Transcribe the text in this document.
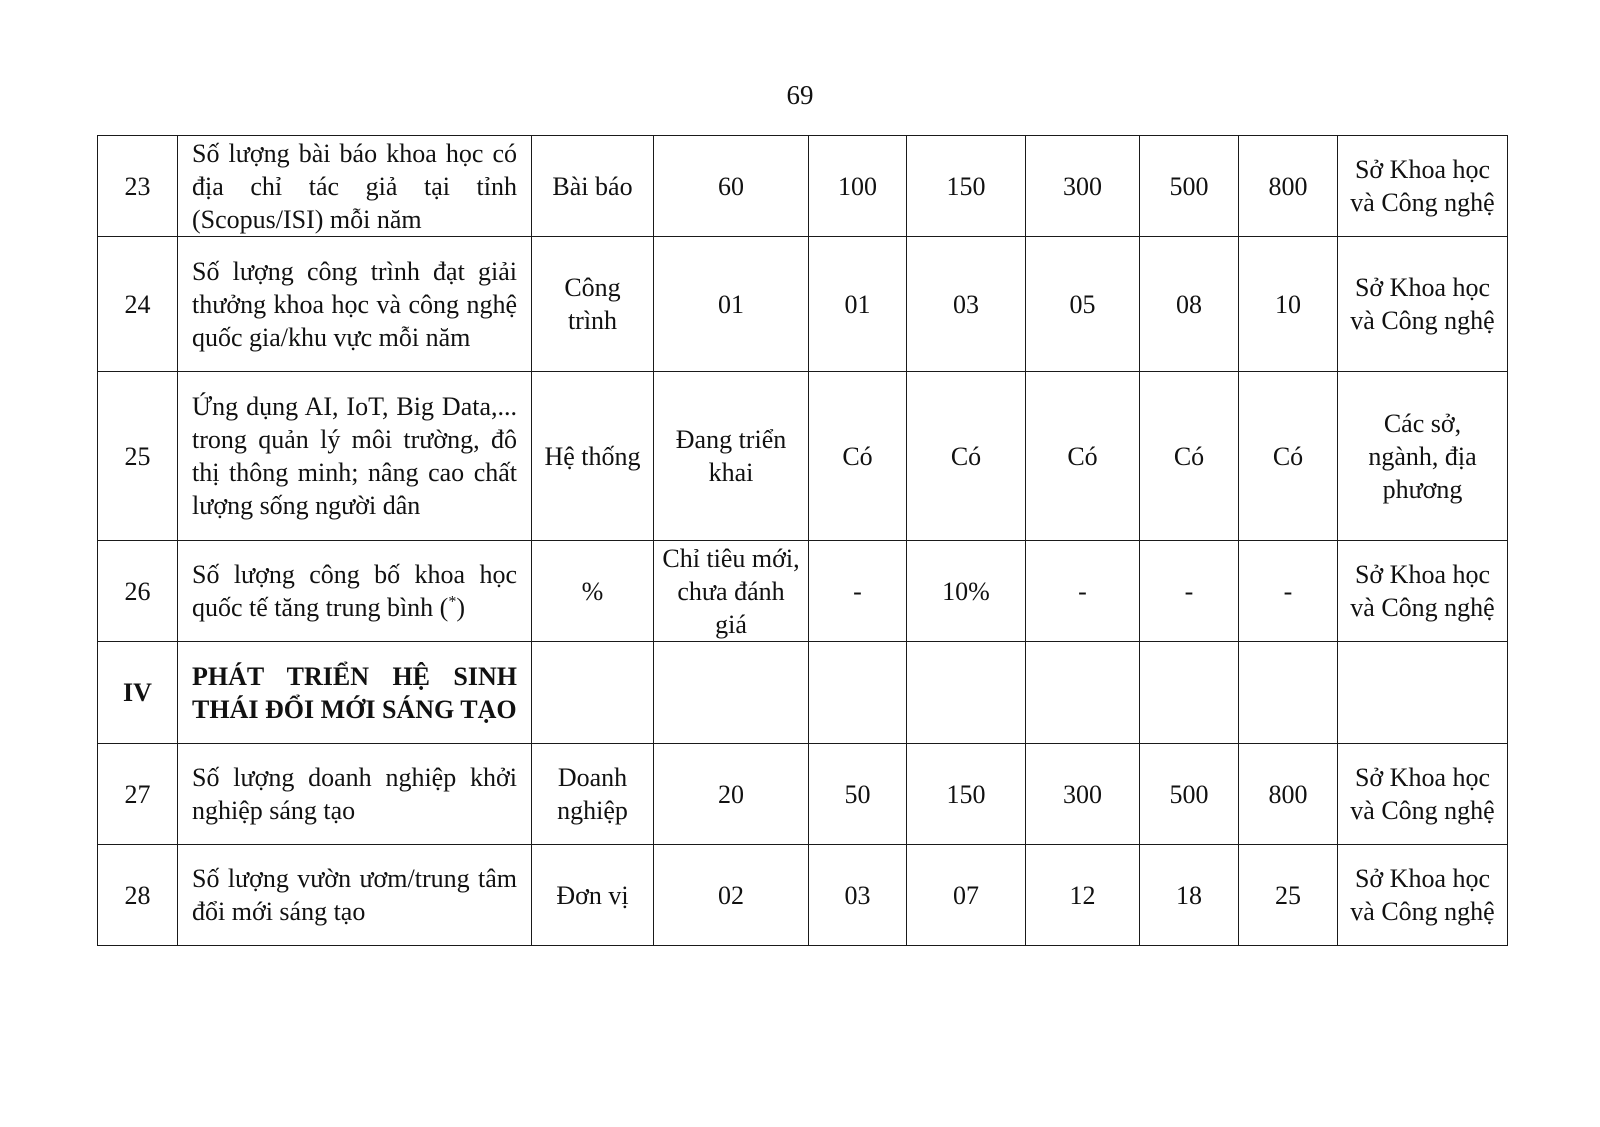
69
23	Số lượng bài báo khoa học có địa chỉ tác giả tại tỉnh (Scopus/ISI) mỗi năm	Bài báo	60	100	150	300	500	800	Sở Khoa học và Công nghệ
24	Số lượng công trình đạt giải thưởng khoa học và công nghệ quốc gia/khu vực mỗi năm	Công trình	01	01	03	05	08	10	Sở Khoa học và Công nghệ
25	Ứng dụng AI, IoT, Big Data,... trong quản lý môi trường, đô thị thông minh; nâng cao chất lượng sống người dân	Hệ thống	Đang triển khai	Có	Có	Có	Có	Có	Các sở, ngành, địa phương
26	Số lượng công bố khoa học quốc tế tăng trung bình (*)	%	Chỉ tiêu mới, chưa đánh giá	-	10%	-	-	-	Sở Khoa học và Công nghệ
IV	PHÁT TRIỂN HỆ SINH THÁI ĐỔI MỚI SÁNG TẠO								
27	Số lượng doanh nghiệp khởi nghiệp sáng tạo	Doanh nghiệp	20	50	150	300	500	800	Sở Khoa học và Công nghệ
28	Số lượng vườn ươm/trung tâm đổi mới sáng tạo	Đơn vị	02	03	07	12	18	25	Sở Khoa học và Công nghệ
